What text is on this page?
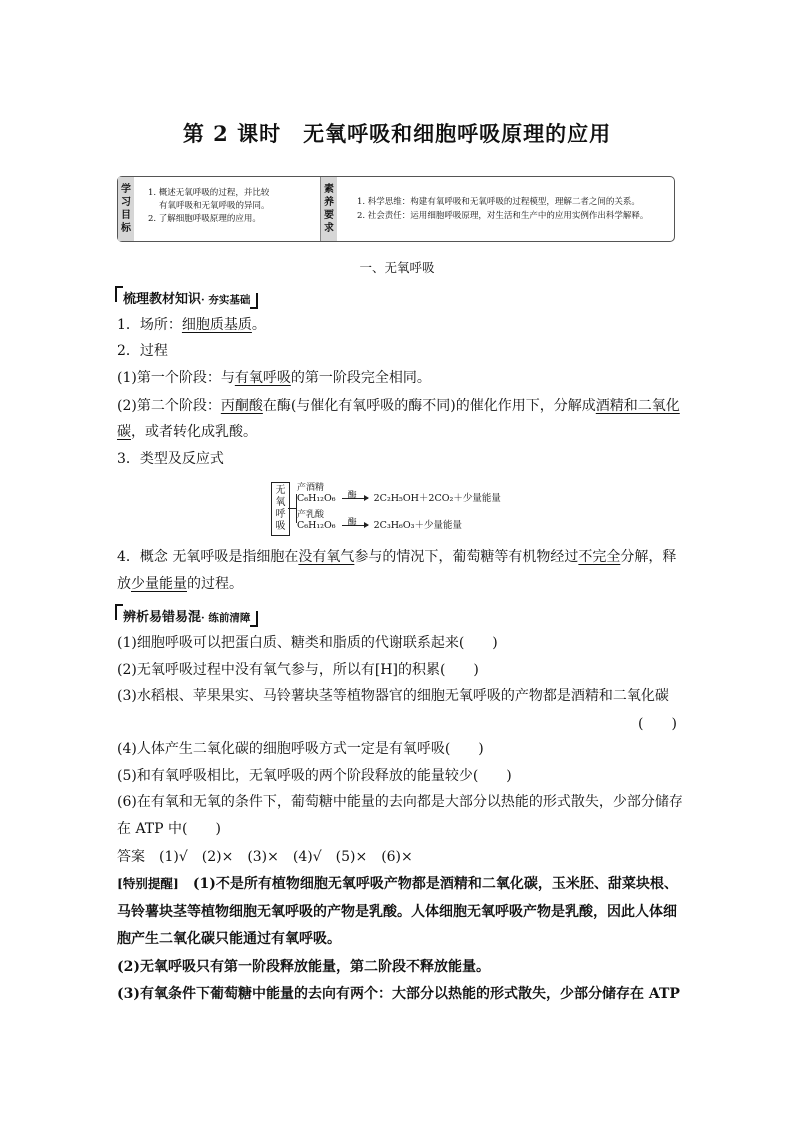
第 2 课时　无氧呼吸和细胞呼吸原理的应用
学
习
目
标
1. 概述无氧呼吸的过程，并比较
有氧呼吸和无氧呼吸的异同。
2. 了解细胞呼吸原理的应用。
素
养
要
求
1. 科学思维：构建有氧呼吸和无氧呼吸的过程模型，理解二者之间的关系。
2. 社会责任：运用细胞呼吸原理，对生活和生产中的应用实例作出科学解释。
一、无氧呼吸
梳理教材知识· 夯实基础
1．场所：细胞质基质。
2．过程
(1)第一个阶段：与有氧呼吸的第一阶段完全相同。
(2)第二个阶段：丙酮酸在酶(与催化有氧呼吸的酶不同)的催化作用下，分解成酒精和二氧化
碳，或者转化成乳酸。
3．类型及反应式
无
氧
呼
吸
产酒精
C₆H₁₂O₆ 酶 2C₂H₅OH＋2CO₂＋少量能量
产乳酸
C₆H₁₂O₆ 酶 2C₃H₆O₃＋少量能量
4．概念 无氧呼吸是指细胞在没有氧气参与的情况下，葡萄糖等有机物经过不完全分解，释
放少量能量的过程。
辨析易错易混· 练前清障
(1)细胞呼吸可以把蛋白质、糖类和脂质的代谢联系起来(　　)
(2)无氧呼吸过程中没有氧气参与，所以有[H]的积累(　　)
(3)水稻根、苹果果实、马铃薯块茎等植物器官的细胞无氧呼吸的产物都是酒精和二氧化碳
(　　)
(4)人体产生二氧化碳的细胞呼吸方式一定是有氧呼吸(　　)
(5)和有氧呼吸相比，无氧呼吸的两个阶段释放的能量较少(　　)
(6)在有氧和无氧的条件下，葡萄糖中能量的去向都是大部分以热能的形式散失，少部分储存
在 ATP 中(　　)
答案　(1)√　(2)×　(3)×　(4)√　(5)×　(6)×
[特别提醒]　(1)不是所有植物细胞无氧呼吸产物都是酒精和二氧化碳，玉米胚、甜菜块根、
马铃薯块茎等植物细胞无氧呼吸的产物是乳酸。人体细胞无氧呼吸产物是乳酸，因此人体细
胞产生二氧化碳只能通过有氧呼吸。
(2)无氧呼吸只有第一阶段释放能量，第二阶段不释放能量。
(3)有氧条件下葡萄糖中能量的去向有两个：大部分以热能的形式散失，少部分储存在 ATP
